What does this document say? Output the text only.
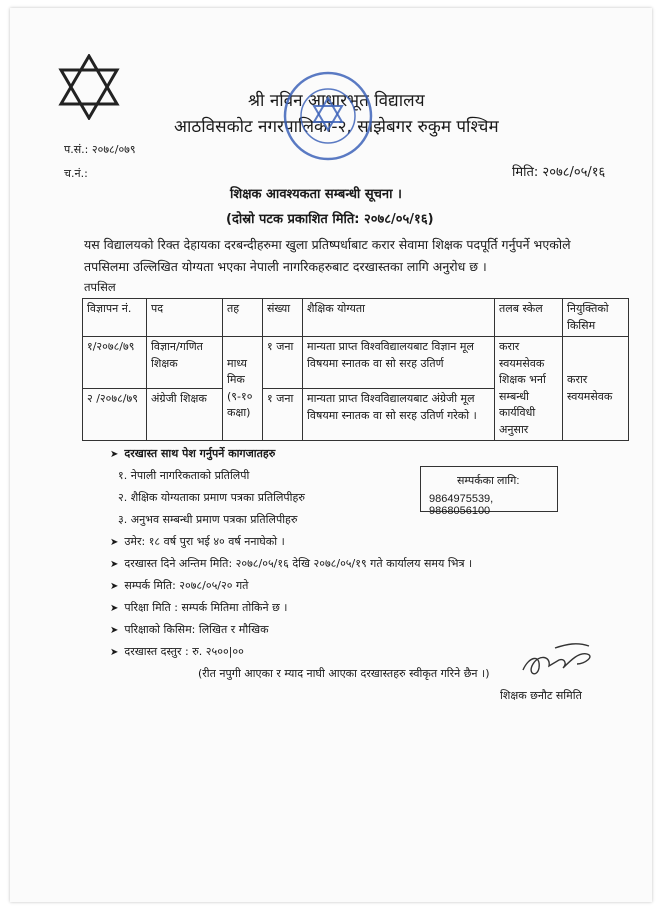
श्री नविन आधारभूत विद्यालय
आठविसकोट नगरपालिका-२, साझेबगर रुकुम पश्चिम
प.सं.: २०७८/०७९
च.नं.:	मिति: २०७८/०५/१६
शिक्षक आवश्यकता सम्बन्धी सूचना ।
(दोस्रो पटक प्रकाशित मिति: २०७८/०५/१६)
यस विद्यालयको रिक्त देहायका दरबन्दीहरुमा खुला प्रतिष्पर्धाबाट करार सेवामा शिक्षक पदपूर्ति गर्नुपर्ने भएकोले
तपसिलमा उल्लिखित योग्यता भएका नेपाली नागरिकहरुबाट दरखास्तका लागि अनुरोध छ ।
तपसिल
विज्ञापन नं.	पद	तह	संख्या	शैक्षिक योग्यता	तलब स्केल	नियुक्तिको किसिम
१/२०७८/७९	विज्ञान/गणित शिक्षक	माध्य मिक (९-१० कक्षा)	१ जना	मान्यता प्राप्त विश्वविद्यालयबाट विज्ञान मूल विषयमा स्नातक वा सो सरह उतिर्ण	करार स्वयमसेवक शिक्षक भर्ना सम्बन्धी कार्यविधी अनुसार	करार स्वयमसेवक
२ /२०७८/७९	अंग्रेजी शिक्षक		१ जना	मान्यता प्राप्त विश्वविद्यालयबाट अंग्रेजी मूल विषयमा स्नातक वा सो सरह उतिर्ण गरेको ।		
➤ दरखास्त साथ पेश गर्नुपर्ने कागजातहरु
१. नेपाली नागरिकताको प्रतिलिपी
२. शैक्षिक योग्यताका प्रमाण पत्रका प्रतिलिपीहरु
३. अनुभव सम्बन्धी प्रमाण पत्रका प्रतिलिपीहरु
➤ उमेर: १८ वर्ष पुरा भई ४० वर्ष ननाघेको ।
➤ दरखास्त दिने अन्तिम मिति: २०७८/०५/१६ देखि २०७८/०५/१९ गते कार्यालय समय भित्र ।
➤ सम्पर्क मिति: २०७८/०५/२० गते
➤ परिक्षा मिति : सम्पर्क मितिमा तोकिने छ ।
➤ परिक्षाको किसिम: लिखित र मौखिक
➤ दरखास्त दस्तुर : रु. २५००|००
सम्पर्कका लागि:
9864975539, 9868056100
(रीत नपुगी आएका र म्याद नाघी आएका दरखास्तहरु स्वीकृत गरिने छैन ।)
शिक्षक छनौट समिति
